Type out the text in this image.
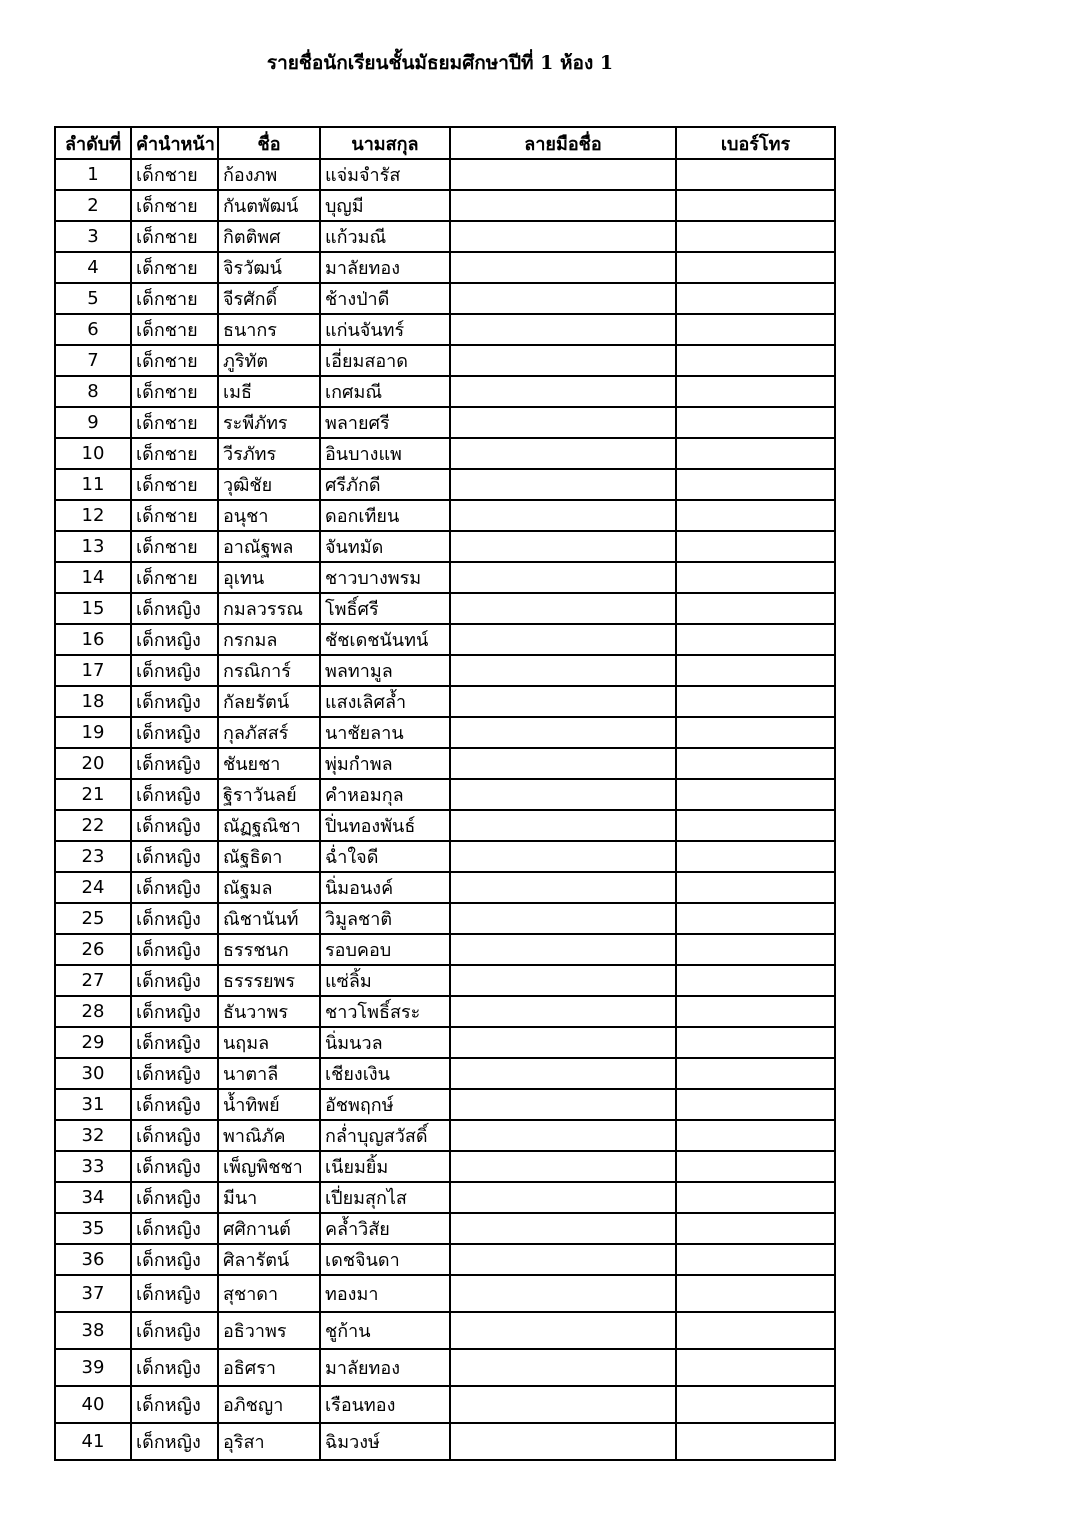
รายชื่อนักเรียนชั้นมัธยมศึกษาปีที่ 1 ห้อง 1
ลำดับที่	คำนำหน้า	ชื่อ	นามสกุล	ลายมือชื่อ	เบอร์โทร
1	เด็กชาย	ก้องภพ	แจ่มจำรัส		
2	เด็กชาย	กันตพัฒน์	บุญมี		
3	เด็กชาย	กิตติพศ	แก้วมณี		
4	เด็กชาย	จิรวัฒน์	มาลัยทอง		
5	เด็กชาย	จีรศักดิ์	ช้างป่าดี		
6	เด็กชาย	ธนากร	แก่นจันทร์		
7	เด็กชาย	ภูริทัต	เอี่ยมสอาด		
8	เด็กชาย	เมธี	เกศมณี		
9	เด็กชาย	ระพีภัทร	พลายศรี		
10	เด็กชาย	วีรภัทร	อินบางแพ		
11	เด็กชาย	วุฒิชัย	ศรีภักดี		
12	เด็กชาย	อนุชา	ดอกเทียน		
13	เด็กชาย	อาณัฐพล	จันทมัด		
14	เด็กชาย	อุเทน	ชาวบางพรม		
15	เด็กหญิง	กมลวรรณ	โพธิ์ศรี		
16	เด็กหญิง	กรกมล	ชัชเดชนันทน์		
17	เด็กหญิง	กรณิการ์	พลทามูล		
18	เด็กหญิง	กัลยรัตน์	แสงเลิศล้ำ		
19	เด็กหญิง	กุลภัสสร์	นาชัยลาน		
20	เด็กหญิง	ชันยชา	พุ่มกำพล		
21	เด็กหญิง	ฐิราวันลย์	คำหอมกุล		
22	เด็กหญิง	ณัฏฐณิชา	ปิ่นทองพันธ์		
23	เด็กหญิง	ณัฐธิดา	ฉ่ำใจดี		
24	เด็กหญิง	ณัฐมล	นิ่มอนงค์		
25	เด็กหญิง	ณิชานันท์	วิมูลชาติ		
26	เด็กหญิง	ธรรชนก	รอบคอบ		
27	เด็กหญิง	ธรรรยพร	แซ่ลิ้ม		
28	เด็กหญิง	ธันวาพร	ชาวโพธิ์สระ		
29	เด็กหญิง	นฤมล	นิ่มนวล		
30	เด็กหญิง	นาตาลี	เชียงเงิน		
31	เด็กหญิง	น้ำทิพย์	อัชพฤกษ์		
32	เด็กหญิง	พาณิภัค	กล่ำบุญสวัสดิ์		
33	เด็กหญิง	เพ็ญพิชชา	เนียมยิ้ม		
34	เด็กหญิง	มีนา	เปี่ยมสุกไส		
35	เด็กหญิง	ศศิกานต์	คล้ำวิสัย		
36	เด็กหญิง	ศิลารัตน์	เดชจินดา		
37	เด็กหญิง	สุชาดา	ทองมา		
38	เด็กหญิง	อธิวาพร	ชูก้าน		
39	เด็กหญิง	อธิศรา	มาลัยทอง		
40	เด็กหญิง	อภิชญา	เรือนทอง		
41	เด็กหญิง	อุริสา	ฉิมวงษ์		
